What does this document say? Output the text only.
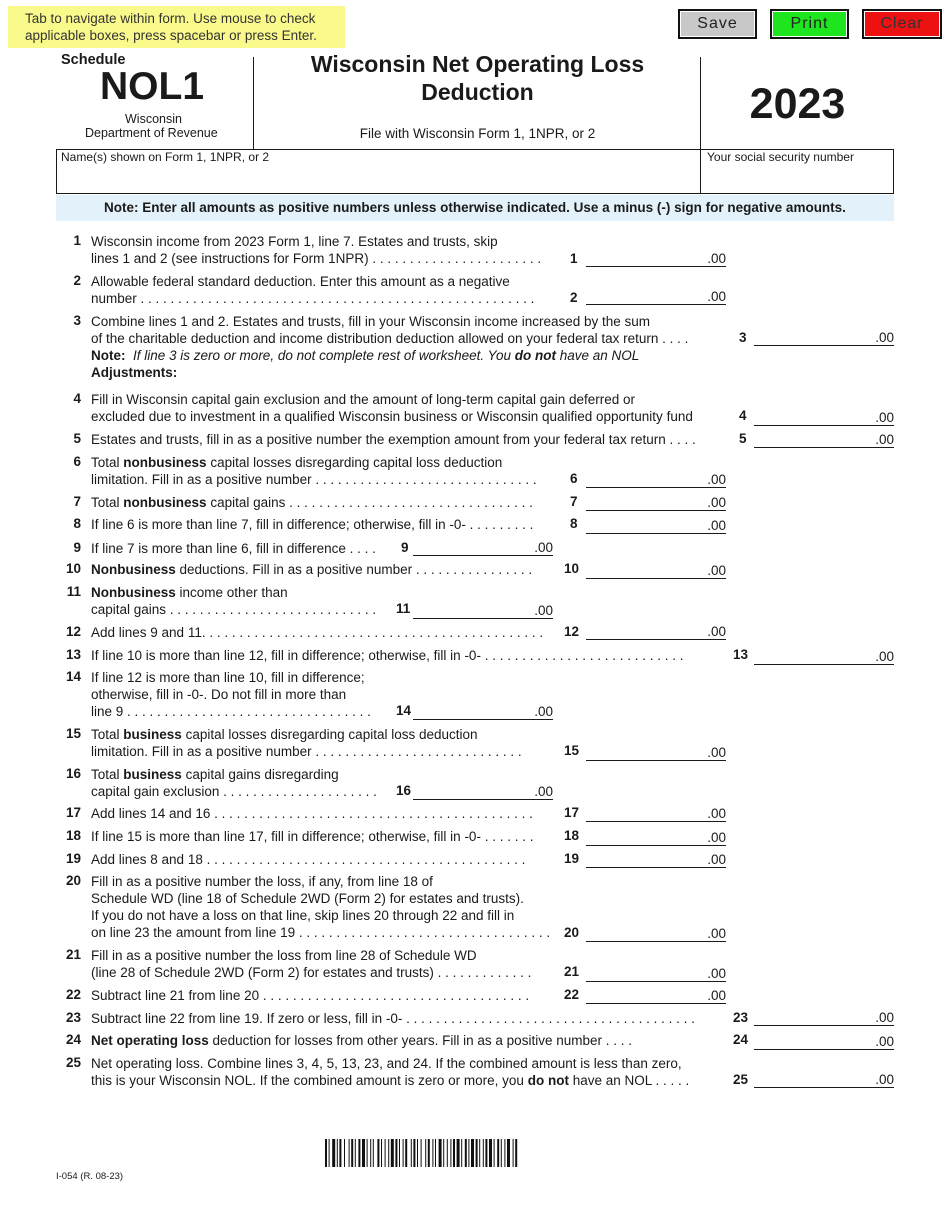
Tab to navigate within form. Use mouse to check applicable boxes, press spacebar or press Enter.
Save	Print	Clear
Schedule
NOL1
Wisconsin
Department of Revenue
Wisconsin Net Operating Loss
Deduction
File with Wisconsin Form 1, 1NPR, or 2
2023
Name(s) shown on Form 1, 1NPR, or 2	Your social security number
Note: Enter all amounts as positive numbers unless otherwise indicated. Use a minus (-) sign for negative amounts.
1 Wisconsin income from 2023 Form 1, line 7. Estates and trusts, skip
lines 1 and 2 (see instructions for Form 1NPR) . . . . . . . . . . . . . . . . . . . . . . . 1	.00
2 Allowable federal standard deduction. Enter this amount as a negative
number . . . . . . . . . . . . . . . . . . . . . . . . . . . . . . . . . . . . . . . . . . . . . . . . . . . . .	2	.00
3 Combine lines 1 and 2. Estates and trusts, fill in your Wisconsin income increased by the sum
of the charitable deduction and income distribution deduction allowed on your federal tax return . . . .
Note: If line 3 is zero or more, do not complete rest of worksheet. You do not have an NOL
Adjustments:
3	.00
4 Fill in Wisconsin capital gain exclusion and the amount of long-term capital gain deferred or
excluded due to investment in a qualified Wisconsin business or Wisconsin qualified opportunity fund	4	.00
5 Estates and trusts, fill in as a positive number the exemption amount from your federal tax return . . . .	5	.00
6 Total nonbusiness capital losses disregarding capital loss deduction
limitation. Fill in as a positive number . . . . . . . . . . . . . . . . . . . . . . . . . . . . . . 6	.00
7 Total nonbusiness capital gains . . . . . . . . . . . . . . . . . . . . . . . . . . . . . . . . .	7	.00
8 If line 6 is more than line 7, fill in difference; otherwise, fill in -0- . . . . . . . . .	8	.00
9 If line 7 is more than line 6, fill in difference . . . . 9	.00
10 Nonbusiness deductions. Fill in as a positive number . . . . . . . . . . . . . . . . 10	.00
11 Nonbusiness income other than
capital gains . . . . . . . . . . . . . . . . . . . . . . . . . . . . 11	.00
12 Add lines 9 and 11. . . . . . . . . . . . . . . . . . . . . . . . . . . . . . . . . . . . . . . . . . . . . . 12	.00
13 If line 10 is more than line 12, fill in difference; otherwise, fill in -0- . . . . . . . . . . . . . . . . . . . . . . . . . . .	13	.00
14 If line 12 is more than line 10, fill in difference;
otherwise, fill in -0-. Do not fill in more than
line 9 . . . . . . . . . . . . . . . . . . . . . . . . . . . . . . . . . 14	.00
15 Total business capital losses disregarding capital loss deduction
limitation. Fill in as a positive number . . . . . . . . . . . . . . . . . . . . . . . . . . . .	15	.00
16 Total business capital gains disregarding
capital gain exclusion . . . . . . . . . . . . . . . . . . . . . 16	.00
17 Add lines 14 and 16 . . . . . . . . . . . . . . . . . . . . . . . . . . . . . . . . . . . . . . . . . . . 17	.00
18 If line 15 is more than line 17, fill in difference; otherwise, fill in -0- . . . . . . . 18	.00
19 Add lines 8 and 18 . . . . . . . . . . . . . . . . . . . . . . . . . . . . . . . . . . . . . . . . . . .	19	.00
20 Fill in as a positive number the loss, if any, from line 18 of
Schedule WD (line 18 of Schedule 2WD (Form 2) for estates and trusts).
If you do not have a loss on that line, skip lines 20 through 22 and fill in
on line 23 the amount from line 19 . . . . . . . . . . . . . . . . . . . . . . . . . . . . . . . . . . 20	.00
21 Fill in as a positive number the loss from line 28 of Schedule WD
(line 28 of Schedule 2WD (Form 2) for estates and trusts) . . . . . . . . . . . . . 21	.00
22 Subtract line 21 from line 20 . . . . . . . . . . . . . . . . . . . . . . . . . . . . . . . . . . . .	22	.00
23 Subtract line 22 from line 19. If zero or less, fill in -0- . . . . . . . . . . . . . . . . . . . . . . . . . . . . . . . . . . . . . . .	23	.00
24 Net operating loss deduction for losses from other years. Fill in as a positive number . . . .	24	.00
25 Net operating loss. Combine lines 3, 4, 5, 13, 23, and 24. If the combined amount is less than zero,
this is your Wisconsin NOL. If the combined amount is zero or more, you do not have an NOL . . . . .	25	.00
I-054 (R. 08-23)
